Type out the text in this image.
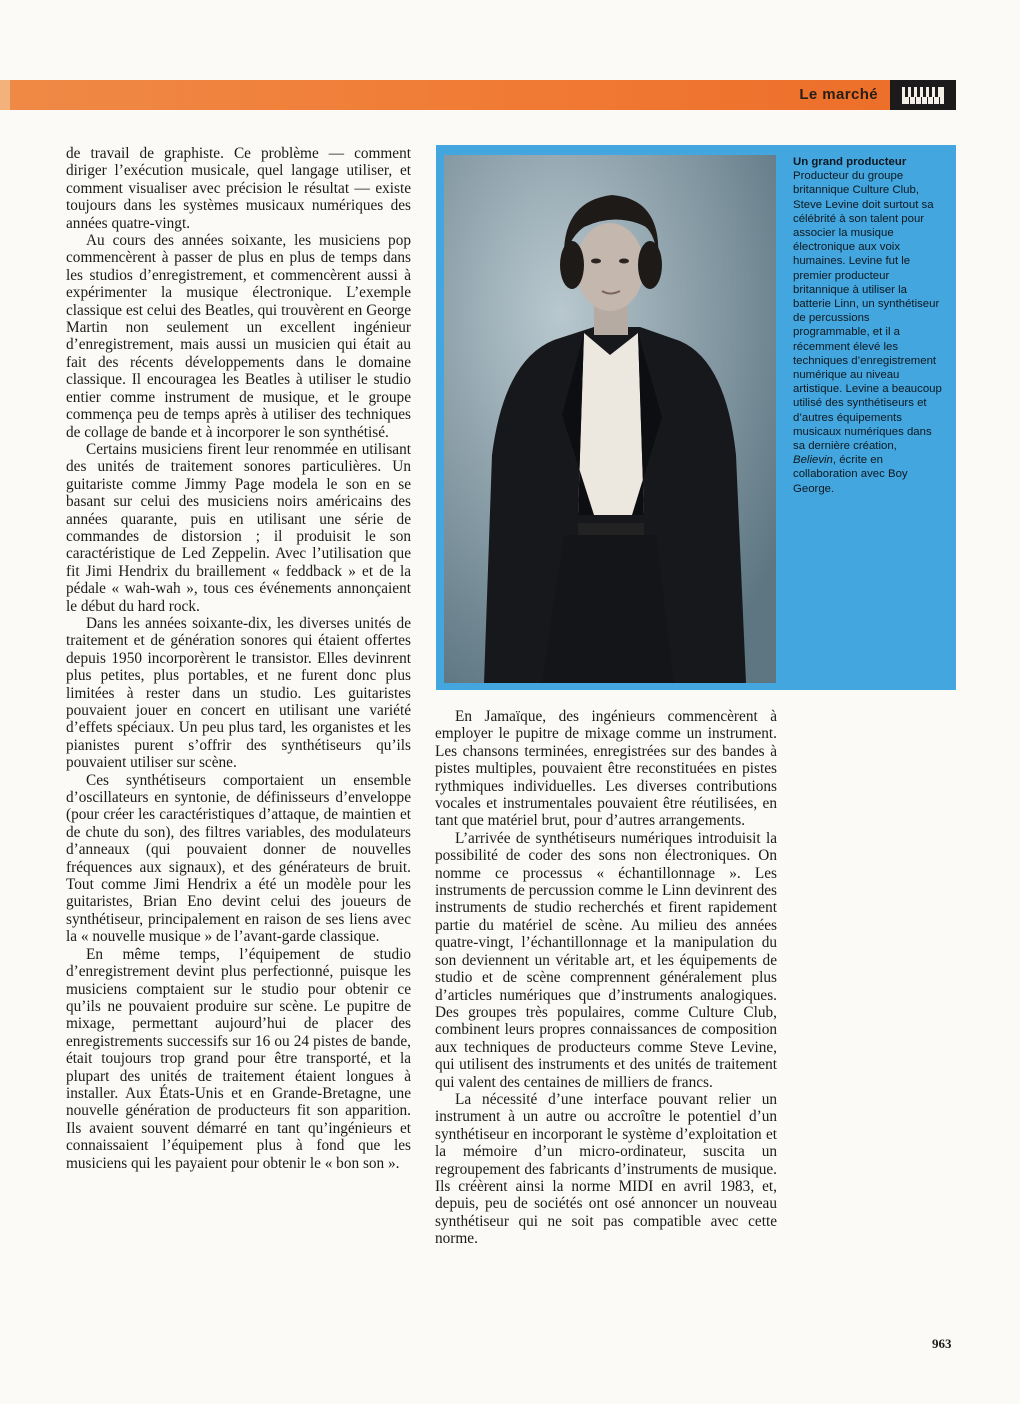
Le marché

de travail de graphiste. Ce problème — comment diriger l’exécution musicale, quel langage utiliser, et comment visualiser avec précision le résultat — existe toujours dans les systèmes musicaux numériques des années quatre-vingt.

Au cours des années soixante, les musiciens pop commencèrent à passer de plus en plus de temps dans les studios d’enregistrement, et commencèrent aussi à expérimenter la musique électronique. L’exemple classique est celui des Beatles, qui trouvèrent en George Martin non seulement un excellent ingénieur d’enregistrement, mais aussi un musicien qui était au fait des récents développements dans le domaine classique. Il encouragea les Beatles à utiliser le studio entier comme instrument de musique, et le groupe commença peu de temps après à utiliser des techniques de collage de bande et à incorporer le son synthétisé.

Certains musiciens firent leur renommée en utilisant des unités de traitement sonores particulières. Un guitariste comme Jimmy Page modela le son en se basant sur celui des musiciens noirs américains des années quarante, puis en utilisant une série de commandes de distorsion ; il produisit le son caractéristique de Led Zeppelin. Avec l’utilisation que fit Jimi Hendrix du braillement « feddback » et de la pédale « wah-wah », tous ces événements annonçaient le début du hard rock.

Dans les années soixante-dix, les diverses unités de traitement et de génération sonores qui étaient offertes depuis 1950 incorporèrent le transistor. Elles devinrent plus petites, plus portables, et ne furent donc plus limitées à rester dans un studio. Les guitaristes pouvaient jouer en concert en utilisant une variété d’effets spéciaux. Un peu plus tard, les organistes et les pianistes purent s’offrir des synthétiseurs qu’ils pouvaient utiliser sur scène.

Ces synthétiseurs comportaient un ensemble d’oscillateurs en syntonie, de définisseurs d’enveloppe (pour créer les caractéristiques d’attaque, de maintien et de chute du son), des filtres variables, des modulateurs d’anneaux (qui pouvaient donner de nouvelles fréquences aux signaux), et des générateurs de bruit. Tout comme Jimi Hendrix a été un modèle pour les guitaristes, Brian Eno devint celui des joueurs de synthétiseur, principalement en raison de ses liens avec la « nouvelle musique » de l’avant-garde classique.

En même temps, l’équipement de studio d’enregistrement devint plus perfectionné, puisque les musiciens comptaient sur le studio pour obtenir ce qu’ils ne pouvaient produire sur scène. Le pupitre de mixage, permettant aujourd’hui de placer des enregistrements successifs sur 16 ou 24 pistes de bande, était toujours trop grand pour être transporté, et la plupart des unités de traitement étaient longues à installer. Aux États-Unis et en Grande-Bretagne, une nouvelle génération de producteurs fit son apparition. Ils avaient souvent démarré en tant qu’ingénieurs et connaissaient l’équipement plus à fond que les musiciens qui les payaient pour obtenir le « bon son ».

Un grand producteur
Producteur du groupe britannique Culture Club, Steve Levine doit surtout sa célébrité à son talent pour associer la musique électronique aux voix humaines. Levine fut le premier producteur britannique à utiliser la batterie Linn, un synthétiseur de percussions programmable, et il a récemment élevé les techniques d’enregistrement numérique au niveau artistique. Levine a beaucoup utilisé des synthétiseurs et d’autres équipements musicaux numériques dans sa dernière création, Believin, écrite en collaboration avec Boy George.

En Jamaïque, des ingénieurs commencèrent à employer le pupitre de mixage comme un instrument. Les chansons terminées, enregistrées sur des bandes à pistes multiples, pouvaient être reconstituées en pistes rythmiques individuelles. Les diverses contributions vocales et instrumentales pouvaient être réutilisées, en tant que matériel brut, pour d’autres arrangements.

L’arrivée de synthétiseurs numériques introduisit la possibilité de coder des sons non électroniques. On nomme ce processus « échantillonnage ». Les instruments de percussion comme le Linn devinrent des instruments de studio recherchés et firent rapidement partie du matériel de scène. Au milieu des années quatre-vingt, l’échantillonnage et la manipulation du son deviennent un véritable art, et les équipements de studio et de scène comprennent généralement plus d’articles numériques que d’instruments analogiques. Des groupes très populaires, comme Culture Club, combinent leurs propres connaissances de composition aux techniques de producteurs comme Steve Levine, qui utilisent des instruments et des unités de traitement qui valent des centaines de milliers de francs.

La nécessité d’une interface pouvant relier un instrument à un autre ou accroître le potentiel d’un synthétiseur en incorporant le système d’exploitation et la mémoire d’un micro-ordinateur, suscita un regroupement des fabricants d’instruments de musique. Ils créèrent ainsi la norme MIDI en avril 1983, et, depuis, peu de sociétés ont osé annoncer un nouveau synthétiseur qui ne soit pas compatible avec cette norme.

963
